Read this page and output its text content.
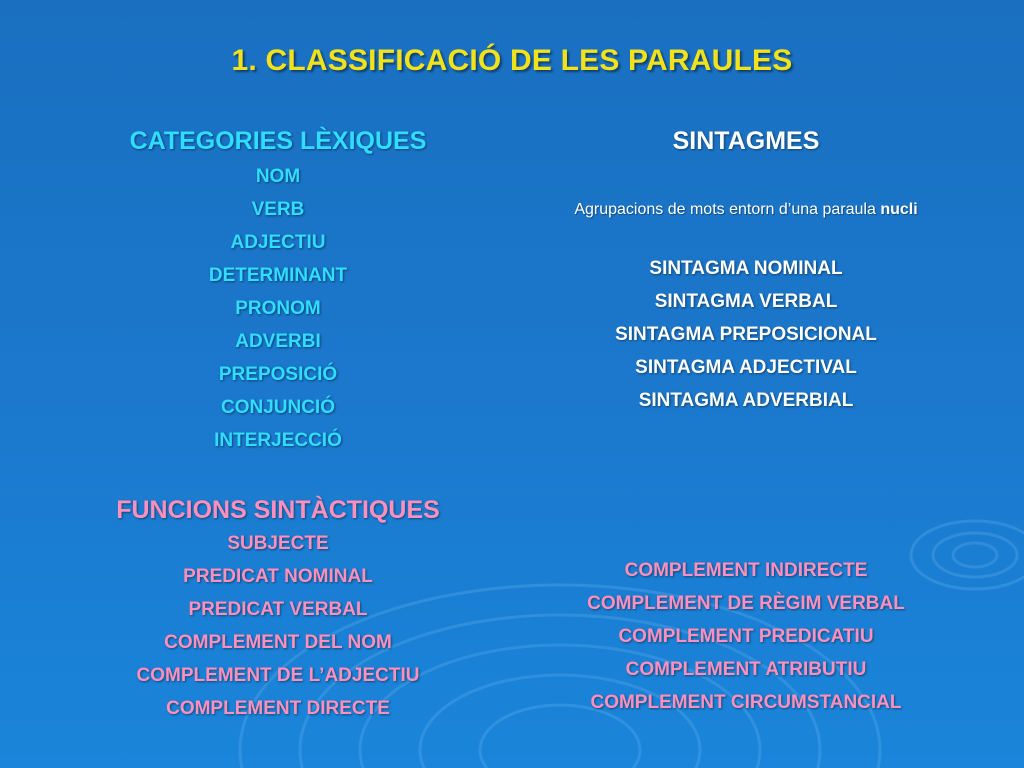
1. CLASSIFICACIÓ DE LES PARAULES
CATEGORIES LÈXIQUES
NOM
VERB
ADJECTIU
DETERMINANT
PRONOM
ADVERBI
PREPOSICIÓ
CONJUNCIÓ
INTERJECCIÓ
FUNCIONS SINTÀCTIQUES
SUBJECTE
PREDICAT NOMINAL
PREDICAT VERBAL
COMPLEMENT DEL NOM
COMPLEMENT DE L’ADJECTIU
COMPLEMENT DIRECTE
SINTAGMES
Agrupacions de mots entorn d’una paraula nucli
SINTAGMA NOMINAL
SINTAGMA VERBAL
SINTAGMA PREPOSICIONAL
SINTAGMA ADJECTIVAL
SINTAGMA ADVERBIAL
COMPLEMENT INDIRECTE
COMPLEMENT DE RÈGIM VERBAL
COMPLEMENT PREDICATIU
COMPLEMENT ATRIBUTIU
COMPLEMENT CIRCUMSTANCIAL
